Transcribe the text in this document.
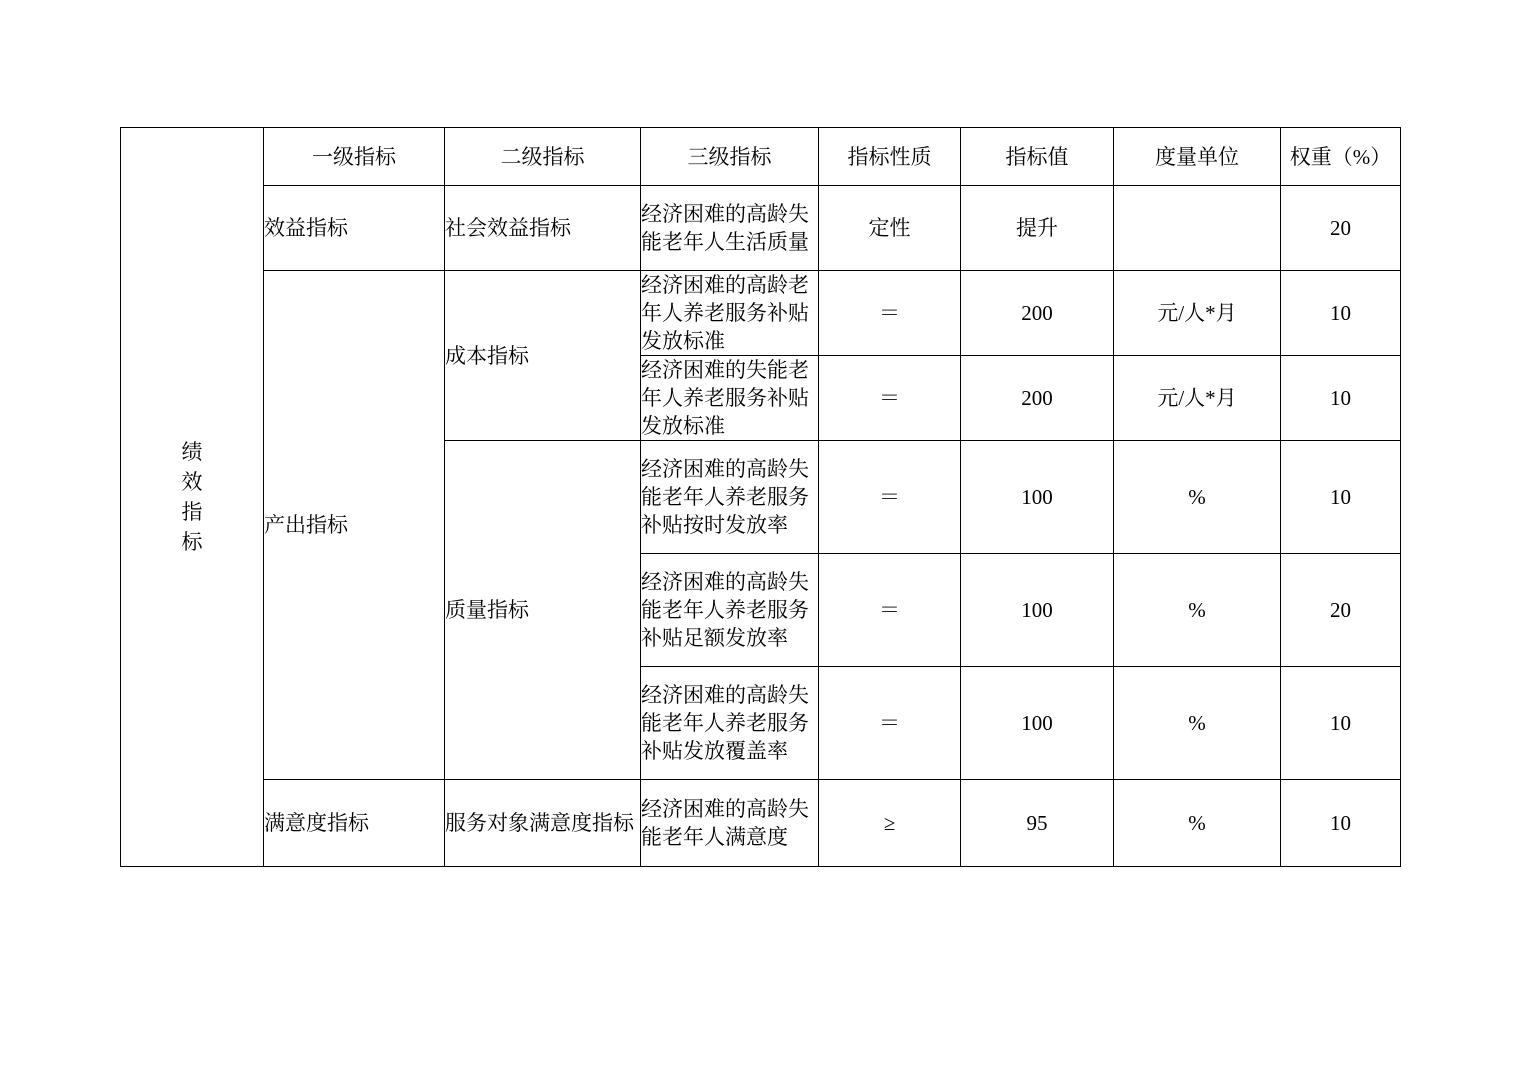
绩效指标	一级指标	二级指标	三级指标	指标性质	指标值	度量单位	权重（%）
	效益指标	社会效益指标	经济困难的高龄失能老年人生活质量	定性	提升		20
	产出指标	成本指标	经济困难的高龄老年人养老服务补贴发放标准	＝	200	元/人*月	10
			经济困难的失能老年人养老服务补贴发放标准	＝	200	元/人*月	10
		质量指标	经济困难的高龄失能老年人养老服务补贴按时发放率	＝	100	%	10
			经济困难的高龄失能老年人养老服务补贴足额发放率	＝	100	%	20
			经济困难的高龄失能老年人养老服务补贴发放覆盖率	＝	100	%	10
	满意度指标	服务对象满意度指标	经济困难的高龄失能老年人满意度	≥	95	%	10
